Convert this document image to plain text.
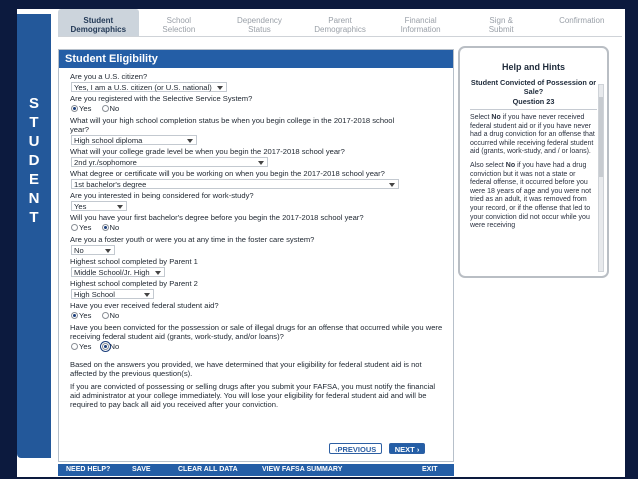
S
T
U
D
E
N
T
Student
Demographics
School
Selection
Dependency
Status
Parent
Demographics
Financial
Information
Sign &
Submit
Confirmation
Student Eligibility
Are you a U.S. citizen?
Yes, I am a U.S. citizen (or U.S. national)
Are you registered with the Selective Service System?
Yes No
What will your high school completion status be when you begin college in the 2017-2018 school year?
High school diploma
What will your college grade level be when you begin the 2017-2018 school year?
2nd yr./sophomore
What degree or certificate will you be working on when you begin the 2017-2018 school year?
1st bachelor's degree
Are you interested in being considered for work-study?
Yes
Will you have your first bachelor's degree before you begin the 2017-2018 school year?
Yes No
Are you a foster youth or were you at any time in the foster care system?
No
Highest school completed by Parent 1
Middle School/Jr. High
Highest school completed by Parent 2
High School
Have you ever received federal student aid?
Yes No
Have you been convicted for the possession or sale of illegal drugs for an offense that occurred while you were receiving federal student aid (grants, work-study, and/or loans)?
Yes No
Based on the answers you provided, we have determined that your eligibility for federal student aid is not affected by the previous question(s).
If you are convicted of possessing or selling drugs after you submit your FAFSA, you must notify the financial aid administrator at your college immediately. You will lose your eligibility for federal student aid and will be required to pay back all aid you received after your conviction.
‹PREVIOUS NEXT ›
NEED HELP?	SAVE	CLEAR ALL DATA	VIEW FAFSA SUMMARY	EXIT
Help and Hints
Student Convicted of Possession or Sale?
Question 23

Select No if you have never received federal student aid or if you have never had a drug conviction for an offense that occurred while receiving federal student aid (grants, work-study, and / or loans).

Also select No if you have had a drug conviction but it was not a state or federal offense, it occurred before you were 18 years of age and you were not tried as an adult, it was removed from your record, or if the offense that led to your conviction did not occur while you were receiving
